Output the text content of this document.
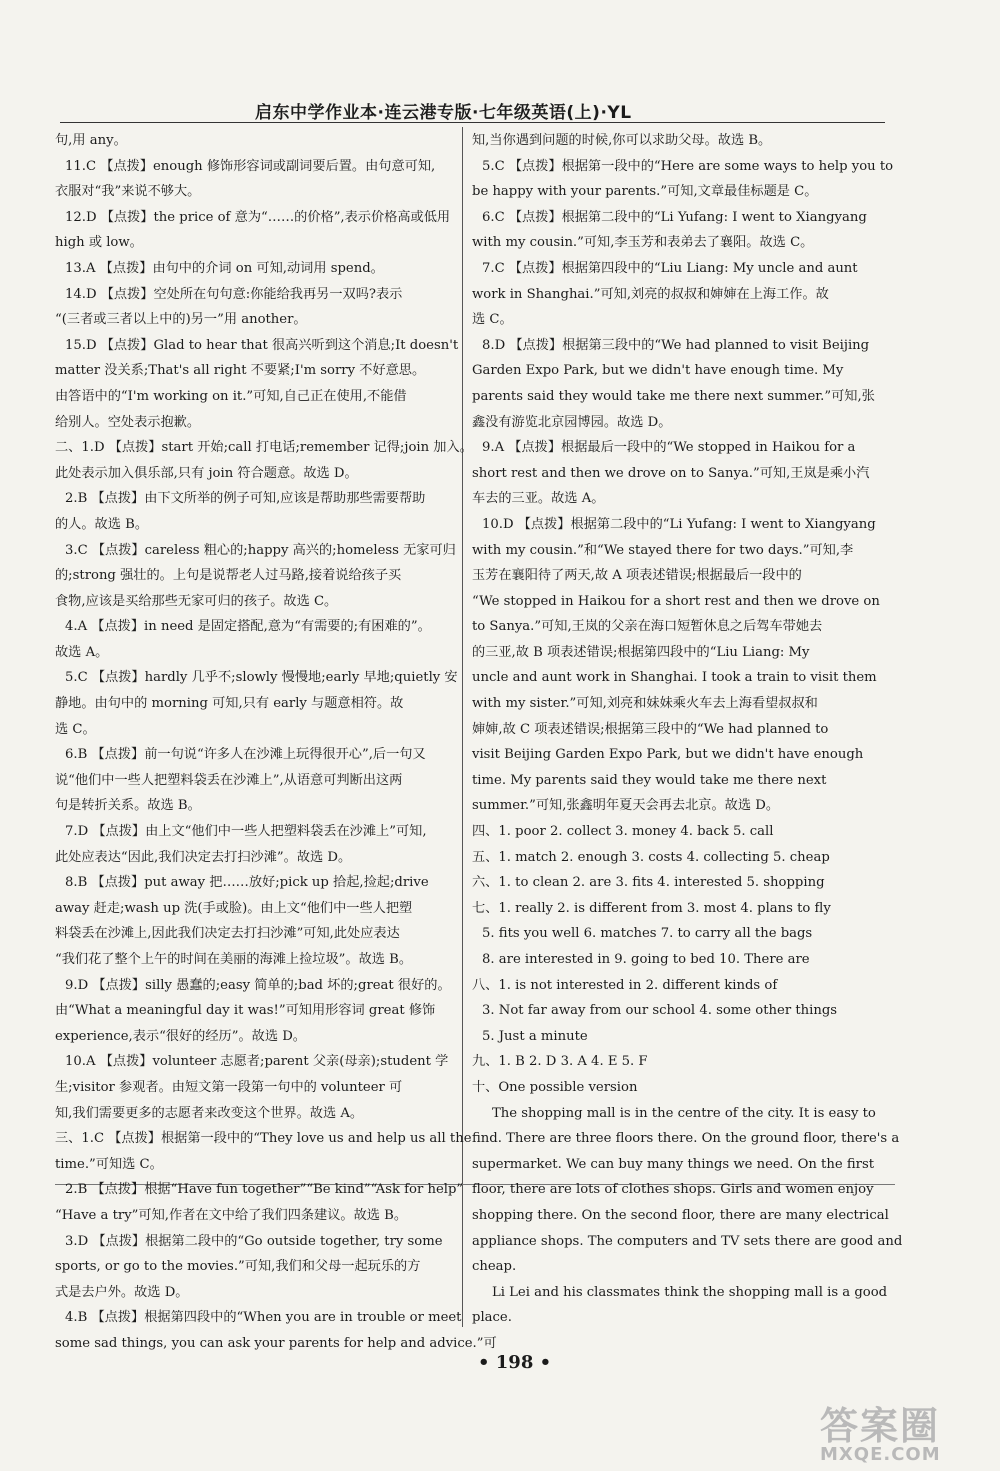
启东中学作业本·连云港专版·七年级英语(上)·YL
句,用 any。
11.C 【点拨】enough 修饰形容词或副词要后置。由句意可知,
衣服对“我”来说不够大。
12.D 【点拨】the price of 意为“……的价格”,表示价格高或低用
high 或 low。
13.A 【点拨】由句中的介词 on 可知,动词用 spend。
14.D 【点拨】空处所在句句意:你能给我再另一双吗?表示
“(三者或三者以上中的)另一”用 another。
15.D 【点拨】Glad to hear that 很高兴听到这个消息;It doesn't
matter 没关系;That's all right 不要紧;I'm sorry 不好意思。
由答语中的“I'm working on it.”可知,自己正在使用,不能借
给别人。空处表示抱歉。
二、1.D 【点拨】start 开始;call 打电话;remember 记得;join 加入。
此处表示加入俱乐部,只有 join 符合题意。故选 D。
2.B 【点拨】由下文所举的例子可知,应该是帮助那些需要帮助
的人。故选 B。
3.C 【点拨】careless 粗心的;happy 高兴的;homeless 无家可归
的;strong 强壮的。上句是说帮老人过马路,接着说给孩子买
食物,应该是买给那些无家可归的孩子。故选 C。
4.A 【点拨】in need 是固定搭配,意为“有需要的;有困难的”。
故选 A。
5.C 【点拨】hardly 几乎不;slowly 慢慢地;early 早地;quietly 安
静地。由句中的 morning 可知,只有 early 与题意相符。故
选 C。
6.B 【点拨】前一句说“许多人在沙滩上玩得很开心”,后一句又
说“他们中一些人把塑料袋丢在沙滩上”,从语意可判断出这两
句是转折关系。故选 B。
7.D 【点拨】由上文“他们中一些人把塑料袋丢在沙滩上”可知,
此处应表达“因此,我们决定去打扫沙滩”。故选 D。
8.B 【点拨】put away 把……放好;pick up 拾起,捡起;drive
away 赶走;wash up 洗(手或脸)。由上文“他们中一些人把塑
料袋丢在沙滩上,因此我们决定去打扫沙滩”可知,此处应表达
“我们花了整个上午的时间在美丽的海滩上捡垃圾”。故选 B。
9.D 【点拨】silly 愚蠢的;easy 简单的;bad 坏的;great 很好的。
由“What a meaningful day it was!”可知用形容词 great 修饰
experience,表示“很好的经历”。故选 D。
10.A 【点拨】volunteer 志愿者;parent 父亲(母亲);student 学
生;visitor 参观者。由短文第一段第一句中的 volunteer 可
知,我们需要更多的志愿者来改变这个世界。故选 A。
三、1.C 【点拨】根据第一段中的“They love us and help us all the
time.”可知选 C。
2.B 【点拨】根据“Have fun together”“Be kind”“Ask for help”
“Have a try”可知,作者在文中给了我们四条建议。故选 B。
3.D 【点拨】根据第二段中的“Go outside together, try some
sports, or go to the movies.”可知,我们和父母一起玩乐的方
式是去户外。故选 D。
4.B 【点拨】根据第四段中的“When you are in trouble or meet
some sad things, you can ask your parents for help and advice.”可
知,当你遇到问题的时候,你可以求助父母。故选 B。
5.C 【点拨】根据第一段中的“Here are some ways to help you to
be happy with your parents.”可知,文章最佳标题是 C。
6.C 【点拨】根据第二段中的“Li Yufang: I went to Xiangyang
with my cousin.”可知,李玉芳和表弟去了襄阳。故选 C。
7.C 【点拨】根据第四段中的“Liu Liang: My uncle and aunt
work in Shanghai.”可知,刘亮的叔叔和婶婶在上海工作。故
选 C。
8.D 【点拨】根据第三段中的“We had planned to visit Beijing
Garden Expo Park, but we didn't have enough time. My
parents said they would take me there next summer.”可知,张
鑫没有游览北京园博园。故选 D。
9.A 【点拨】根据最后一段中的“We stopped in Haikou for a
short rest and then we drove on to Sanya.”可知,王岚是乘小汽
车去的三亚。故选 A。
10.D 【点拨】根据第二段中的“Li Yufang: I went to Xiangyang
with my cousin.”和“We stayed there for two days.”可知,李
玉芳在襄阳待了两天,故 A 项表述错误;根据最后一段中的
“We stopped in Haikou for a short rest and then we drove on
to Sanya.”可知,王岚的父亲在海口短暂休息之后驾车带她去
的三亚,故 B 项表述错误;根据第四段中的“Liu Liang: My
uncle and aunt work in Shanghai. I took a train to visit them
with my sister.”可知,刘亮和妹妹乘火车去上海看望叔叔和
婶婶,故 C 项表述错误;根据第三段中的“We had planned to
visit Beijing Garden Expo Park, but we didn't have enough
time. My parents said they would take me there next
summer.”可知,张鑫明年夏天会再去北京。故选 D。
四、1. poor 2. collect 3. money 4. back 5. call
五、1. match 2. enough 3. costs 4. collecting 5. cheap
六、1. to clean 2. are 3. fits 4. interested 5. shopping
七、1. really 2. is different from 3. most 4. plans to fly
5. fits you well 6. matches 7. to carry all the bags
8. are interested in 9. going to bed 10. There are
八、1. is not interested in 2. different kinds of
3. Not far away from our school 4. some other things
5. Just a minute
九、1. B 2. D 3. A 4. E 5. F
十、One possible version
The shopping mall is in the centre of the city. It is easy to
find. There are three floors there. On the ground floor, there's a
supermarket. We can buy many things we need. On the first
floor, there are lots of clothes shops. Girls and women enjoy
shopping there. On the second floor, there are many electrical
appliance shops. The computers and TV sets there are good and
cheap.
Li Lei and his classmates think the shopping mall is a good
place.
• 198 •
答案圈
MXQE.COM
